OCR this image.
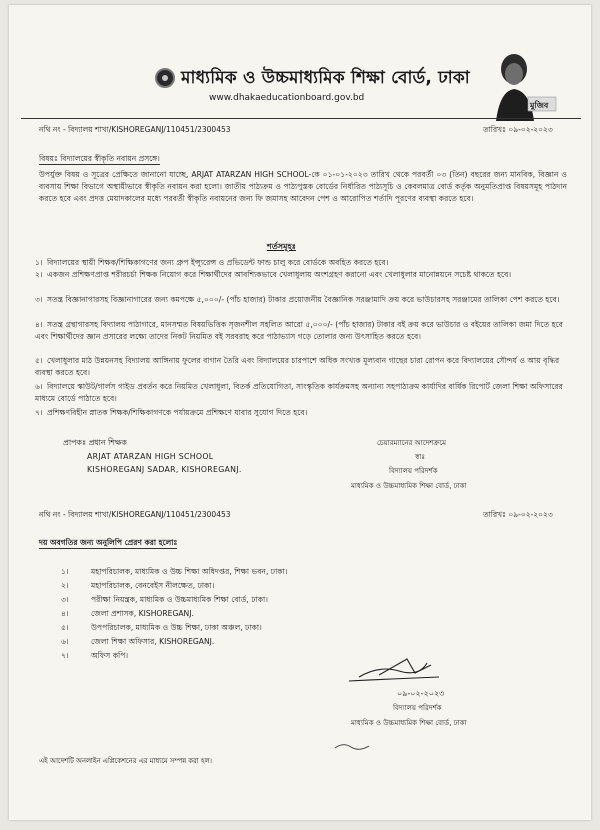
মাধ্যমিক ও উচ্চমাধ্যমিক শিক্ষা বোর্ড, ঢাকা
www.dhakaeducationboard.gov.bd
মুজিব
নথি নং - বিদ্যালয় শাখা/KISHOREGANJ/110451/2300453	তারিখঃ ০৯-০২-২০২৩
বিষয়ঃ বিদ্যালয়ের স্বীকৃতি নবায়ন প্রসঙ্গে।
উপর্যুক্ত বিষয় ও সূত্রের প্রেক্ষিতে জানানো যাচ্ছে, ARJAT ATARZAN HIGH SCHOOL-কে ০১-০১-২০২৩ তারিখ থেকে পরবর্তী ০৩ (তিন) বছরের জন্য মানবিক, বিজ্ঞান ও ব্যবসায় শিক্ষা বিভাগে অস্থায়ীভাবে স্বীকৃতি নবায়ন করা হলো। জাতীয় পাঠ্যক্রম ও পাঠ্যপুস্তক বোর্ডের নির্ধারিত পাঠ্যসূচি ও কেবলমাত্র বোর্ড কর্তৃক অনুমতিপ্রাপ্ত বিষয়সমূহ পাঠদান করতে হবে এবং প্রদত্ত মেয়াদকালের মধ্যে পরবর্তী স্বীকৃতি নবায়নের জন্য ফি জমাসহ আবেদন পেশ ও আরোপিত শর্তাদি পূরণের ব্যবস্থা করতে হবে।
শর্তসমূহঃ
১। বিদ্যালয়ের স্থায়ী শিক্ষক/শিক্ষিকাগণের জন্য গ্রুপ ইন্স্যুরেন্স ও প্রভিডেন্ট ফান্ড চালু করে বোর্ডকে অবহিত করতে হবে।
২। একজন প্রশিক্ষণপ্রাপ্ত শরীরচর্চা শিক্ষক নিয়োগ করে শিক্ষার্থীদের আবশ্যিকভাবে খেলাধুলায় অংশগ্রহণ করানো এবং খেলাধুলার মানোন্নয়নে সচেষ্ট থাকতে হবে।
৩। সতন্ত্র বিজ্ঞানাগারসহ বিজ্ঞানাগারের জন্য কমপক্ষে ৫,০০০/- (পাঁচ হাজার) টাকার প্রয়োজনীয় বৈজ্ঞানিক সরঞ্জামাদি ক্রয় করে ভাউচারসহ সরঞ্জামের তালিকা পেশ করতে হবে।
৪। সতন্ত্র গ্রন্থাগারসহ বিদ্যালয় পাঠাগারে, মানসম্মত বিষয়ভিত্তিক সৃজনশীল সহলিত আরো ৫,০০০/- (পাঁচ হাজার) টাকার বই ক্রয় করে ভাউচার ও বইয়ের তালিকা জমা দিতে হবে এবং শিক্ষার্থীদের জ্ঞান প্রসারের লক্ষ্যে তাদের নিকট নিয়মিত বই সরবরাহ করে পাঠাভ্যাস গড়ে তোলার জন্য উৎসাহিত করতে হবে।
৫। খেলাধুলার মাঠ উন্নয়নসহ বিদ্যালয় আঙ্গিনায় ফুলের বাগান তৈরি এবং বিদ্যালয়ের চারপাশে অধিক সংখ্যক মূল্যবান গাছের চারা রোপন করে বিদ্যালয়ের সৌন্দর্য ও আয় বৃদ্ধির ব্যবস্থা করতে হবে।
৬। বিদ্যালয়ে স্কাউট/গার্লস গাইড প্রবর্তন করে নিয়মিত খেলাধুলা, বিতর্ক প্রতিযোগিতা, সাংস্কৃতিক কার্যক্রমসহ অন্যান্য সহপাঠ্যক্রম কার্যাদির বার্ষিক রিপোর্ট জেলা শিক্ষা অফিসারের মাধ্যমে বোর্ডে পাঠাতে হবে।
৭। প্রশিক্ষণবিহীন স্নাতক শিক্ষক/শিক্ষিকাগণকে পর্যায়ক্রমে প্রশিক্ষণে যাবার সুযোগ দিতে হবে।
প্রাপকঃ প্রধান শিক্ষক
ARJAT ATARZAN HIGH SCHOOL
KISHOREGANJ SADAR, KISHOREGANJ.
চেয়ারম্যানের আদেশক্রমে
স্বাঃ
বিদ্যালয় পরিদর্শক
মাধ্যমিক ও উচ্চমাধ্যমিক শিক্ষা বোর্ড, ঢাকা
নথি নং - বিদ্যালয় শাখা/KISHOREGANJ/110451/2300453	তারিখঃ ০৯-০২-২০২৩
দয় অবগতির জন্য অনুলিপি প্রেরণ করা হলোঃ
১।	মহাপরিচালক, মাধ্যমিক ও উচ্চ শিক্ষা অধিদপ্তর, শিক্ষা ভবন, ঢাকা।
২।	মহাপরিচালক, বেনবেইস নীলক্ষেত, ঢাকা।
৩।	পরীক্ষা নিয়ন্ত্রক, মাধ্যমিক ও উচ্চমাধ্যমিক শিক্ষা বোর্ড, ঢাকা।
৪।	জেলা প্রশাসক, KISHOREGANJ.
৫।	উপপরিচালক, মাধ্যমিক ও উচ্চ শিক্ষা, ঢাকা অঞ্চল, ঢাকা।
৬।	জেলা শিক্ষা অফিসার, KISHOREGANJ.
৭।	অফিস কপি।
০৯-০২-২০২৩
বিদ্যালয় পরিদর্শক
মাধ্যমিক ও উচ্চমাধ্যমিক শিক্ষা বোর্ড, ঢাকা
এই আদেশটি অনলাইন এপ্লিকেশনের এর মাধ্যমে সম্পন্ন করা হল।
